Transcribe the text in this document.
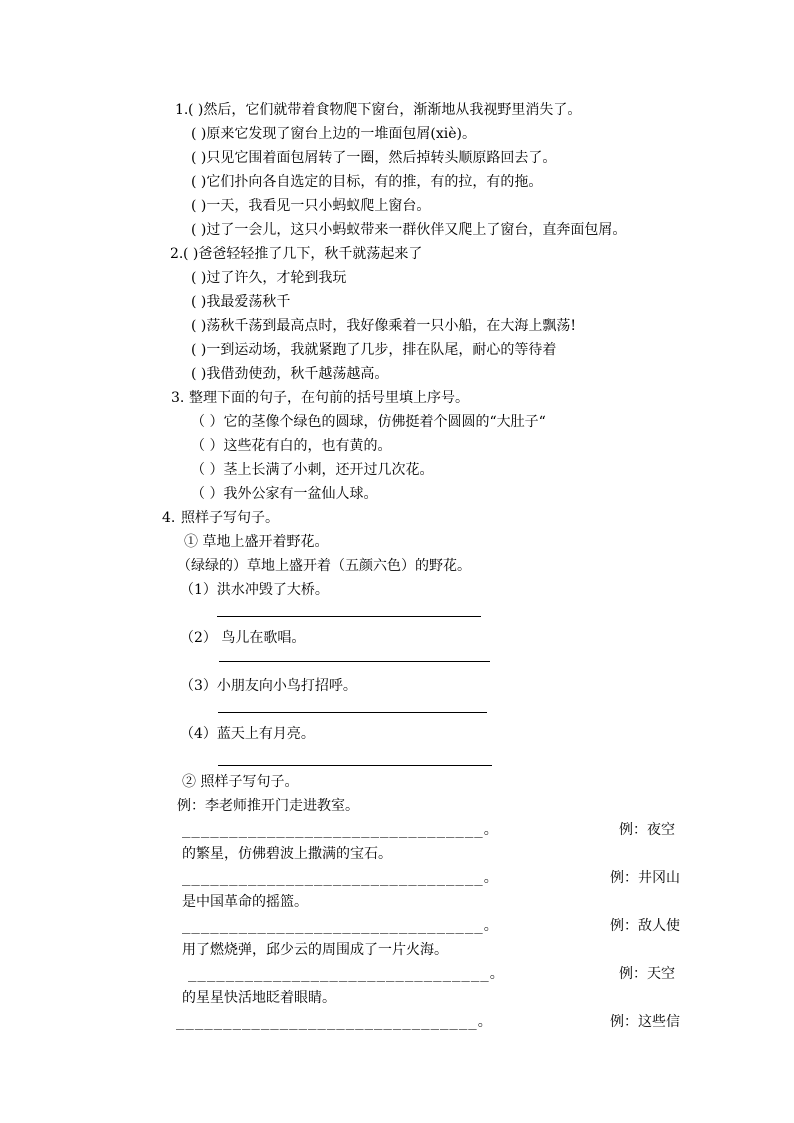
1. ( )然后，它们就带着食物爬下窗台，渐渐地从我视野里消失了。
( )原来它发现了窗台上边的一堆面包屑(xiè)。
( )只见它围着面包屑转了一圈，然后掉转头顺原路回去了。
( )它们扑向各自选定的目标，有的推，有的拉，有的拖。
( )一天，我看见一只小蚂蚁爬上窗台。
( )过了一会儿，这只小蚂蚁带来一群伙伴又爬上了窗台，直奔面包屑。
2. ( )爸爸轻轻推了几下，秋千就荡起来了
( )过了许久，才轮到我玩
( )我最爱荡秋千
( )荡秋千荡到最高点时，我好像乘着一只小船，在大海上飘荡!
( )一到运动场，我就紧跑了几步，排在队尾，耐心的等待着
( )我借劲使劲，秋千越荡越高。
3. 整理下面的句子，在句前的括号里填上序号。
（ ）它的茎像个绿色的圆球，仿佛挺着个圆圆的“大肚子“
（ ）这些花有白的，也有黄的。
（ ）茎上长满了小刺，还开过几次花。
（ ）我外公家有一盆仙人球。
4. 照样子写句子。
① 草地上盛开着野花。
（绿绿的）草地上盛开着（五颜六色）的野花。
（1）洪水冲毁了大桥。
（2） 鸟儿在歌唱。
（3）小朋友向小鸟打招呼。
（4）蓝天上有月亮。
② 照样子写句子。
例：李老师推开门走进教室。
________________________________。	例：夜空
的繁星，仿佛碧波上撒满的宝石。
________________________________。	例：井冈山
是中国革命的摇篮。
________________________________。	例：敌人使
用了燃烧弹，邱少云的周围成了一片火海。
________________________________。	例：天空
的星星快活地眨着眼睛。
________________________________。	例：这些信
